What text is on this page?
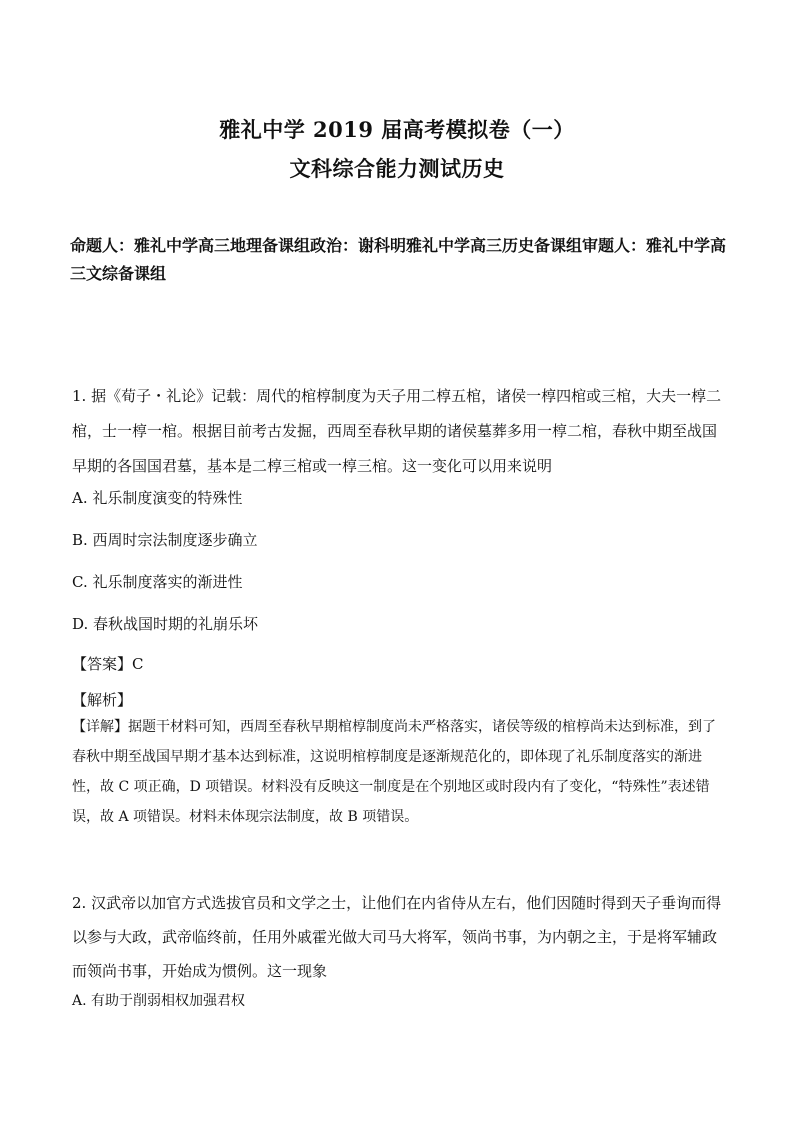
雅礼中学 2019 届高考模拟卷（一）
文科综合能力测试历史
命题人：雅礼中学高三地理备课组政治：谢科明雅礼中学高三历史备课组审题人：雅礼中学高三文综备课组
1. 据《荀子・礼论》记载：周代的棺椁制度为天子用二椁五棺，诸侯一椁四棺或三棺，大夫一椁二棺，士一椁一棺。根据目前考古发掘，西周至春秋早期的诸侯墓葬多用一椁二棺，春秋中期至战国早期的各国国君墓，基本是二椁三棺或一椁三棺。这一变化可以用来说明
A. 礼乐制度演变的特殊性
B. 西周时宗法制度逐步确立
C. 礼乐制度落实的渐进性
D. 春秋战国时期的礼崩乐坏
【答案】C
【解析】
【详解】据题干材料可知，西周至春秋早期棺椁制度尚未严格落实，诸侯等级的棺椁尚未达到标准，到了春秋中期至战国早期才基本达到标准，这说明棺椁制度是逐渐规范化的，即体现了礼乐制度落实的渐进性，故 C 项正确，D 项错误。材料没有反映这一制度是在个别地区或时段内有了变化，“特殊性”表述错误，故 A 项错误。材料未体现宗法制度，故 B 项错误。
2. 汉武帝以加官方式选拔官员和文学之士，让他们在内省侍从左右，他们因随时得到天子垂询而得以参与大政，武帝临终前，任用外戚霍光做大司马大将军，领尚书事，为内朝之主，于是将军辅政而领尚书事，开始成为惯例。这一现象
A. 有助于削弱相权加强君权
